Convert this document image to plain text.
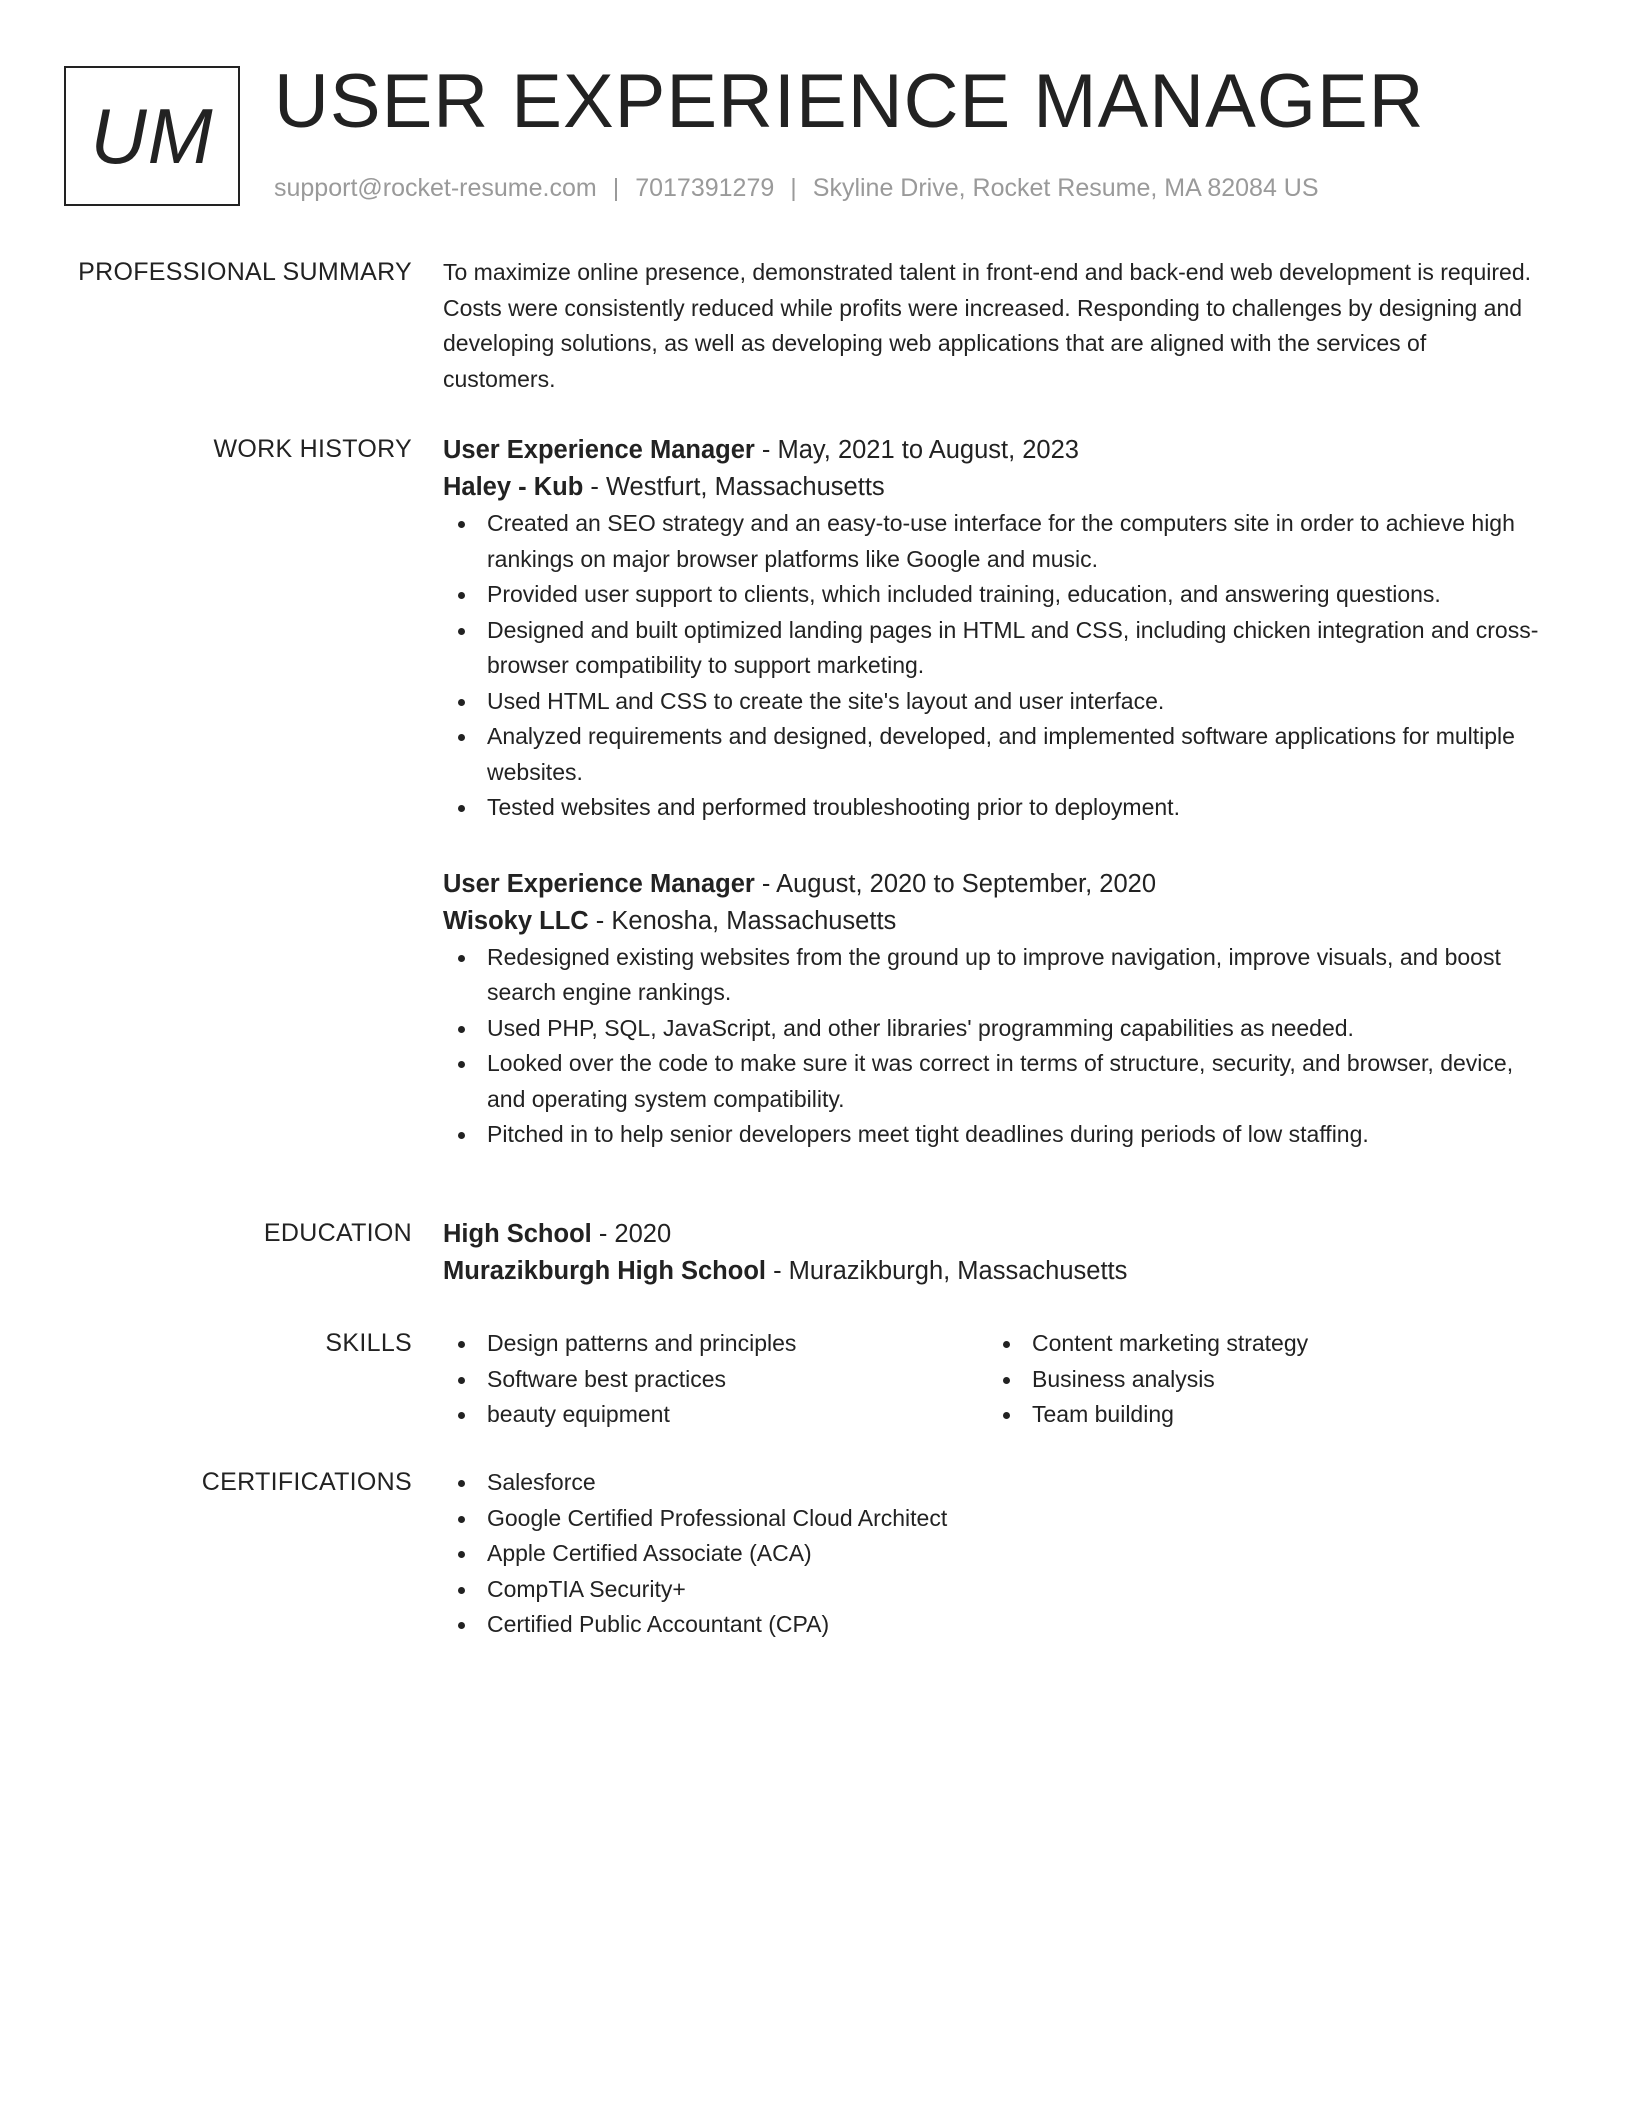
UM USER EXPERIENCE MANAGER
support@rocket-resume.com | 7017391279 | Skyline Drive, Rocket Resume, MA 82084 US
PROFESSIONAL SUMMARY To maximize online presence, demonstrated talent in front-end and back-end web development is required. Costs were consistently reduced while profits were increased. Responding to challenges by designing and developing solutions, as well as developing web applications that are aligned with the services of customers.

WORK HISTORY User Experience Manager - May, 2021 to August, 2023
Haley - Kub - Westfurt, Massachusetts
Created an SEO strategy and an easy-to-use interface for the computers site in order to achieve high rankings on major browser platforms like Google and music.
Provided user support to clients, which included training, education, and answering questions.
Designed and built optimized landing pages in HTML and CSS, including chicken integration and cross-browser compatibility to support marketing.
Used HTML and CSS to create the site's layout and user interface.
Analyzed requirements and designed, developed, and implemented software applications for multiple websites.
Tested websites and performed troubleshooting prior to deployment.
User Experience Manager - August, 2020 to September, 2020
Wisoky LLC - Kenosha, Massachusetts
Redesigned existing websites from the ground up to improve navigation, improve visuals, and boost search engine rankings.
Used PHP, SQL, JavaScript, and other libraries' programming capabilities as needed.
Looked over the code to make sure it was correct in terms of structure, security, and browser, device, and operating system compatibility.
Pitched in to help senior developers meet tight deadlines during periods of low staffing.
EDUCATION High School - 2020
Murazikburgh High School - Murazikburgh, Massachusetts
SKILLS	Design patterns and principles
Software best practices
beauty equipment
Content marketing strategy
Business analysis
Team building
CERTIFICATIONS	Salesforce
Google Certified Professional Cloud Architect
Apple Certified Associate (ACA)
CompTIA Security+
Certified Public Accountant (CPA)
